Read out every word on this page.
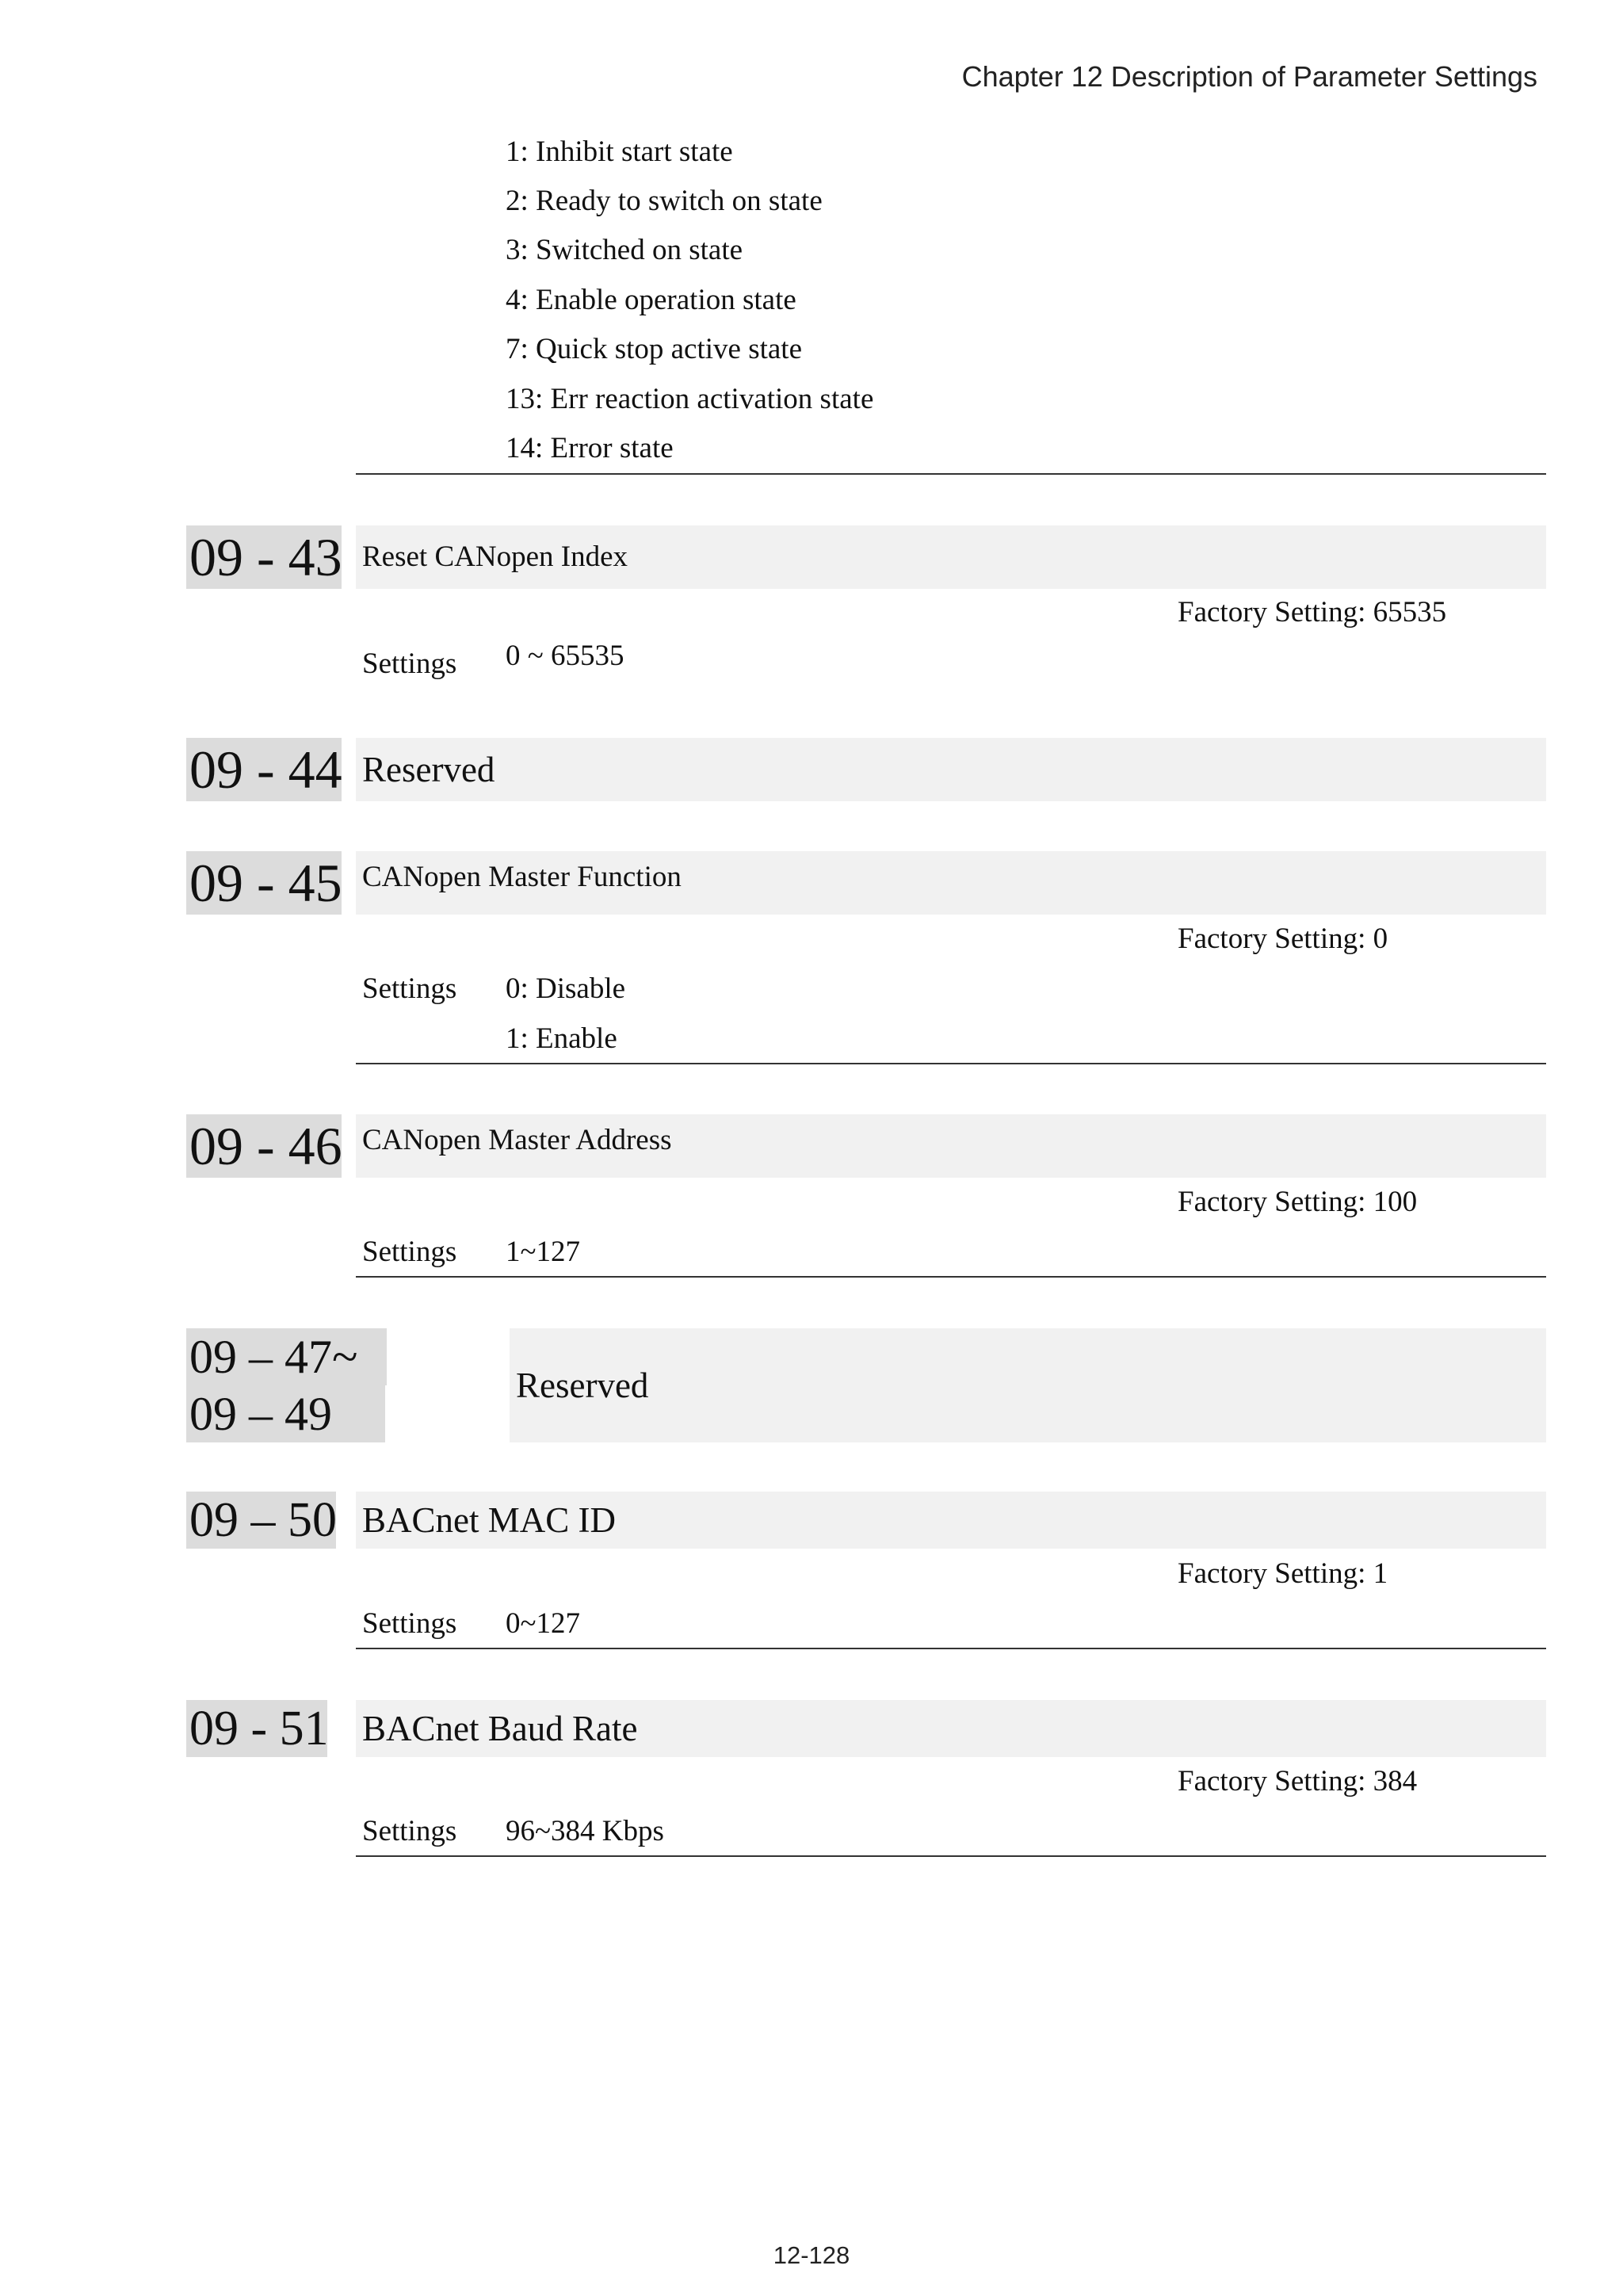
Chapter 12 Description of Parameter Settings
1: Inhibit start state
2: Ready to switch on state
3: Switched on state
4: Enable operation state
7: Quick stop active state
13: Err reaction activation state
14: Error state
09 - 43 Reset CANopen Index
Factory Setting: 65535
Settings 0 ~ 65535
09 - 44 Reserved
09 - 45 CANopen Master Function
Factory Setting: 0
Settings 0: Disable
1: Enable
09 - 46 CANopen Master Address
Factory Setting: 100
Settings 1~127
09 – 47~
09 – 49
Reserved
09 – 50 BACnet MAC ID
Factory Setting: 1
Settings 0~127
09 - 51 BACnet Baud Rate
Factory Setting: 384
Settings 96~384 Kbps
12-128
